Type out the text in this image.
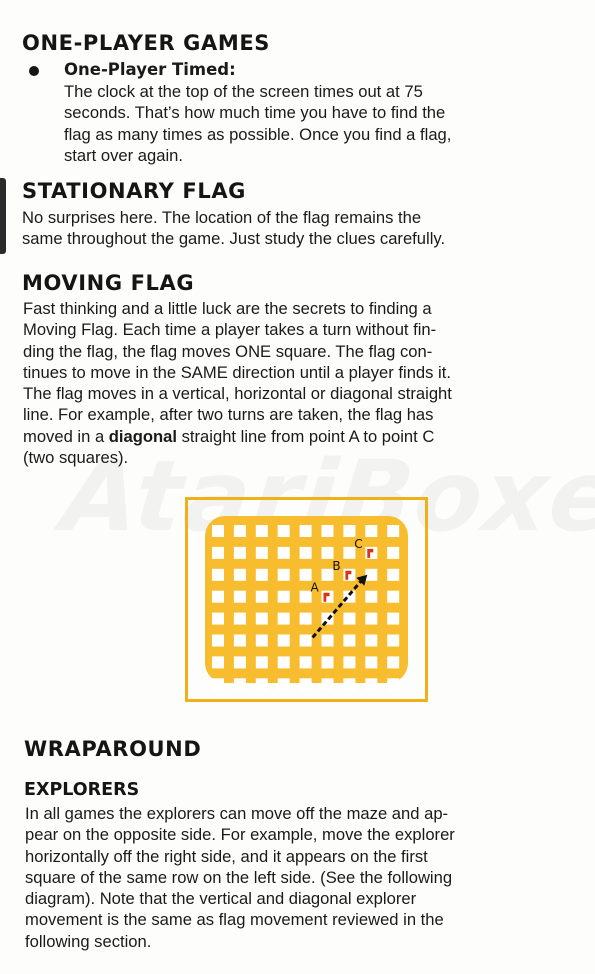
ONE-PLAYER GAMES
One-Player Timed:

The clock at the top of the screen times out at 75
seconds. That’s how much time you have to find the
flag as many times as possible. Once you find a flag,
start over again.

STATIONARY FLAG

No surprises here. The location of the flag remains the
same throughout the game. Just study the clues carefully.

MOVING FLAG

Fast thinking and a little luck are the secrets to finding a
Moving Flag. Each time a player takes a turn without fin-
ding the flag, the flag moves ONE square. The flag con-
tinues to move in the SAME direction until a player finds it.
The flag moves in a vertical, horizontal or diagonal straight
line. For example, after two turns are taken, the flag has
moved in a diagonal straight line from point A to point C
(two squares).

A
B
C
WRAPAROUND
EXPLORERS

In all games the explorers can move off the maze and ap-
pear on the opposite side. For example, move the explorer
horizontally off the right side, and it appears on the first
square of the same row on the left side. (See the following
diagram). Note that the vertical and diagonal explorer
movement is the same as flag movement reviewed in the
following section.
